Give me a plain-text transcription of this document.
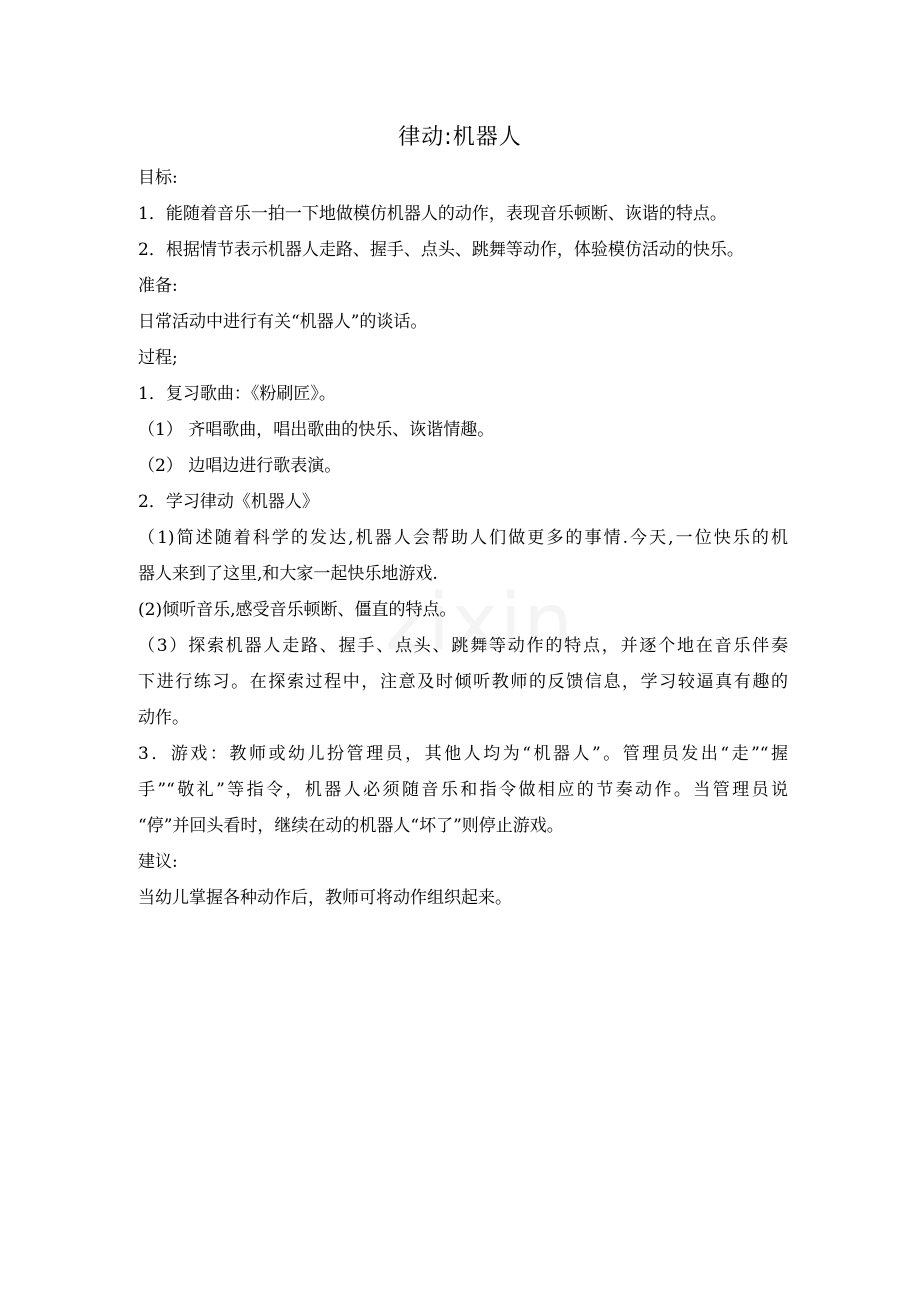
律动:机器人
zixin
目标:
1．能随着音乐一拍一下地做模仿机器人的动作，表现音乐顿断、诙谐的特点。
2．根据情节表示机器人走路、握手、点头、跳舞等动作，体验模仿活动的快乐。
准备:
日常活动中进行有关“机器人”的谈话。
过程;
1．复习歌曲：《粉刷匠》。
（1） 齐唱歌曲，唱出歌曲的快乐、诙谐情趣。
（2） 边唱边进行歌表演。
2．学习律动《机器人》
（1)简述随着科学的发达,机器人会帮助人们做更多的事情.今天,一位快乐的机
器人来到了这里,和大家一起快乐地游戏.
(2)倾听音乐,感受音乐顿断、僵直的特点。
（3）探索机器人走路、握手、点头、跳舞等动作的特点，并逐个地在音乐伴奏
下进行练习。在探索过程中，注意及时倾听教师的反馈信息，学习较逼真有趣的
动作。
3．游戏：教师或幼儿扮管理员，其他人均为“机器人”。管理员发出“走”“握
手”“敬礼”等指令，机器人必须随音乐和指令做相应的节奏动作。当管理员说
“停”并回头看时，继续在动的机器人“坏了”则停止游戏。
建议:
当幼儿掌握各种动作后，教师可将动作组织起来。
